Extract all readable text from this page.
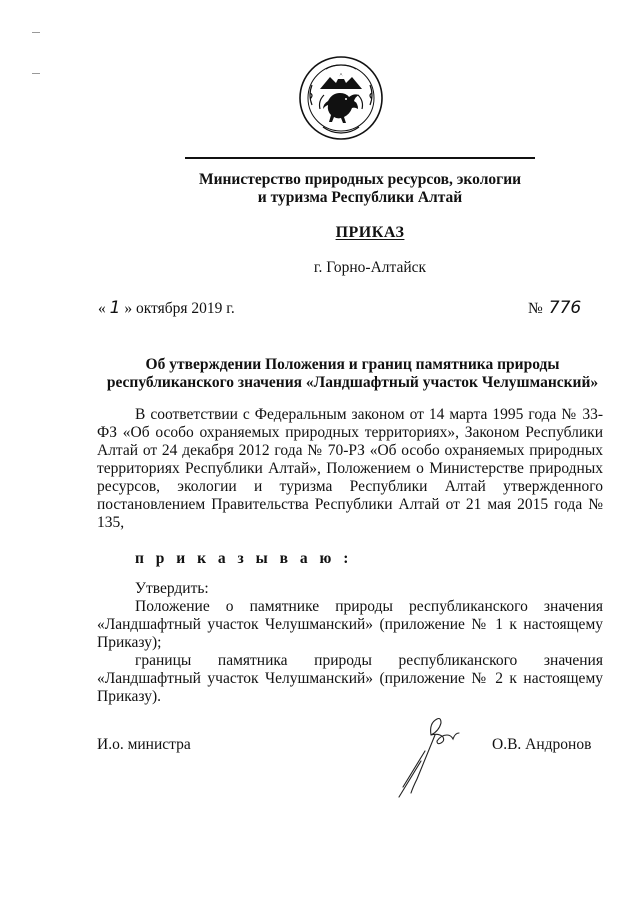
Министерство природных ресурсов, экологии
и туризма Республики Алтай
ПРИКАЗ
г. Горно-Алтайск
« 1 » октября 2019 г.	№ 776
Об утверждении Положения и границ памятника природы
республиканского значения «Ландшафтный участок Челушманский»
В соответствии с Федеральным законом от 14 марта 1995 года № 33-ФЗ «Об особо охраняемых природных территориях», Законом Республики Алтай от 24 декабря 2012 года № 70-РЗ «Об особо охраняемых природных территориях Республики Алтай», Положением о Министерстве природных ресурсов, экологии и туризма Республики Алтай утвержденного постановлением Правительства Республики Алтай от 21 мая 2015 года № 135,
п р и к а з ы в а ю :
Утвердить:
Положение о памятнике природы республиканского значения «Ландшафтный участок Челушманский» (приложение № 1 к настоящему Приказу);
границы памятника природы республиканского значения «Ландшафтный участок Челушманский» (приложение № 2 к настоящему Приказу).
И.о. министра	О.В. Андронов
